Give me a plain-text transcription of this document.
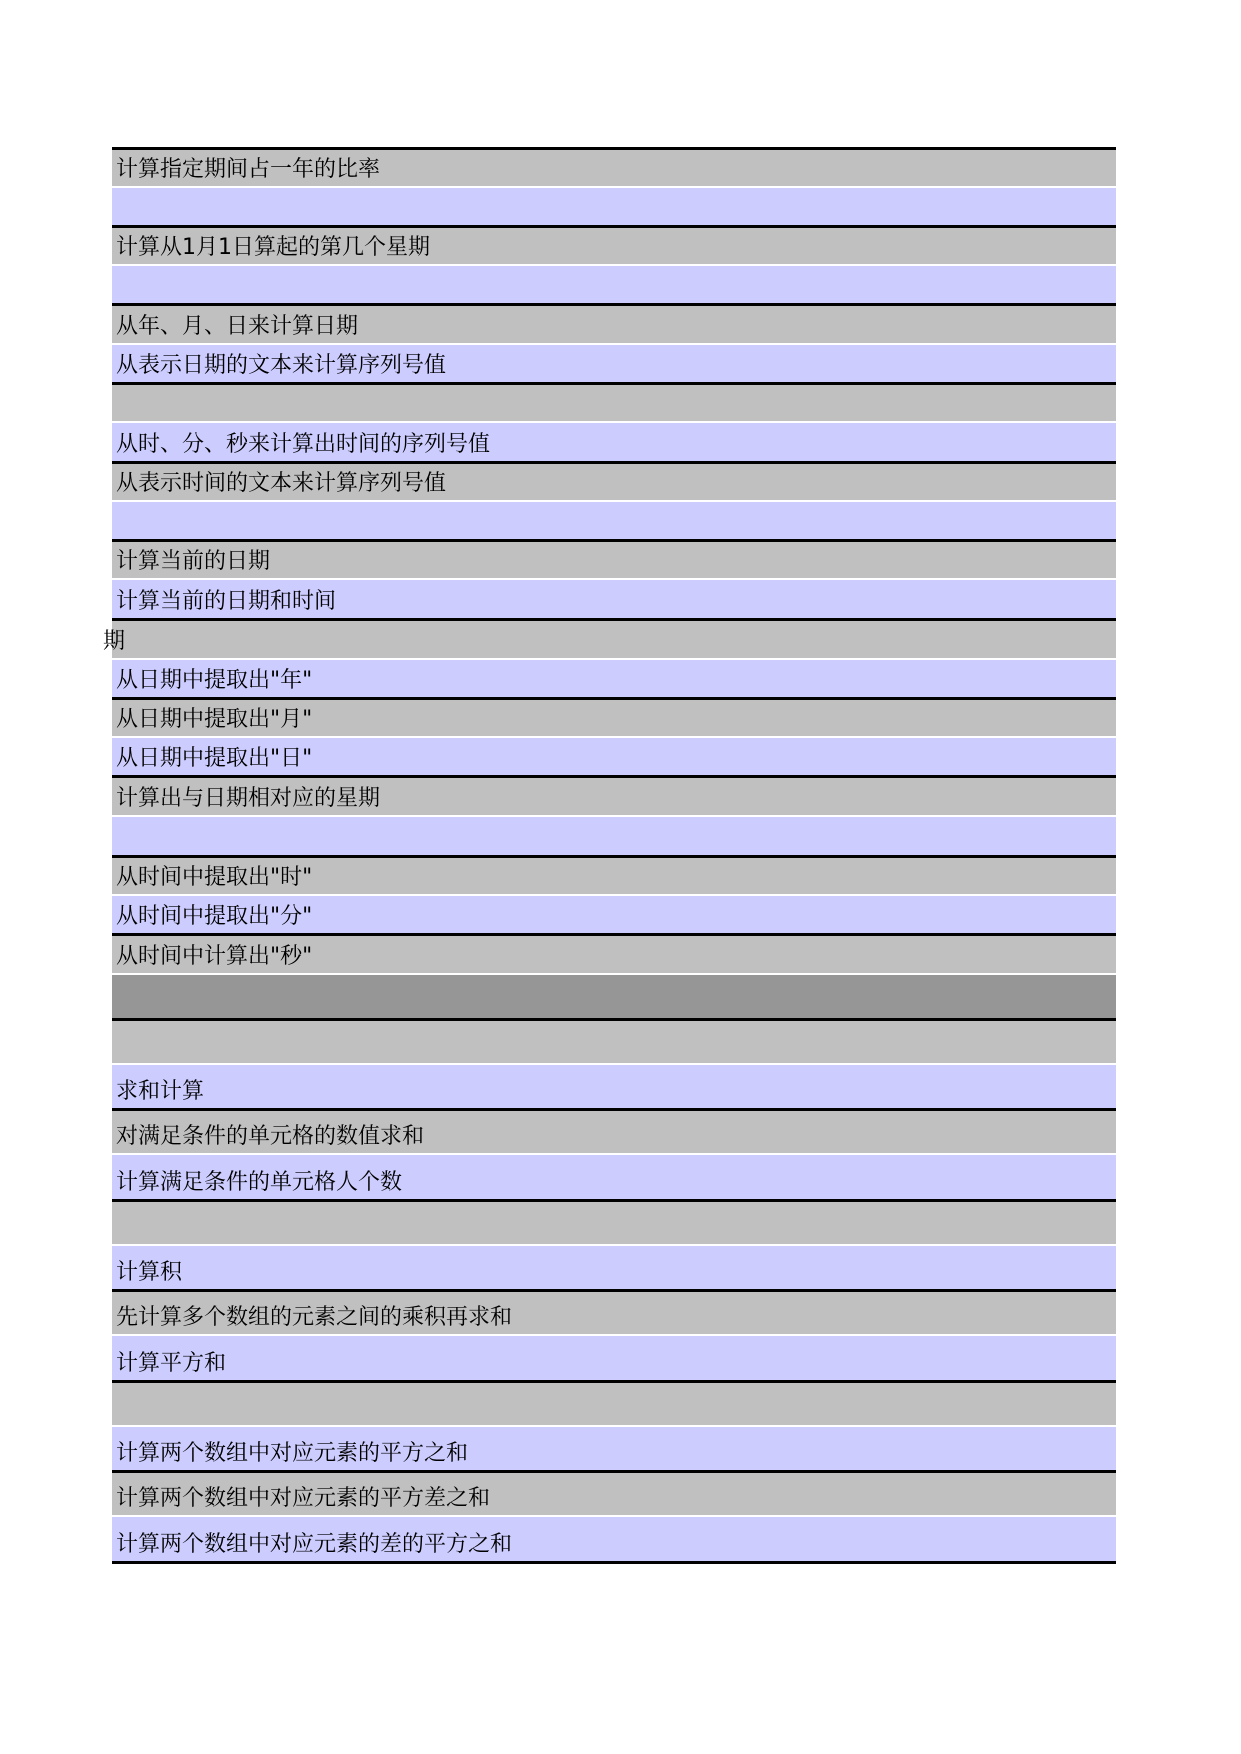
计算指定期间占一年的比率
计算从1月1日算起的第几个星期
从年、月、日来计算日期
从表示日期的文本来计算序列号值
从时、分、秒来计算出时间的序列号值
从表示时间的文本来计算序列号值
计算当前的日期
计算当前的日期和时间
期
从日期中提取出"年"
从日期中提取出"月"
从日期中提取出"日"
计算出与日期相对应的星期
从时间中提取出"时"
从时间中提取出"分"
从时间中计算出"秒"
求和计算
对满足条件的单元格的数值求和
计算满足条件的单元格人个数
计算积
先计算多个数组的元素之间的乘积再求和
计算平方和
计算两个数组中对应元素的平方之和
计算两个数组中对应元素的平方差之和
计算两个数组中对应元素的差的平方之和
